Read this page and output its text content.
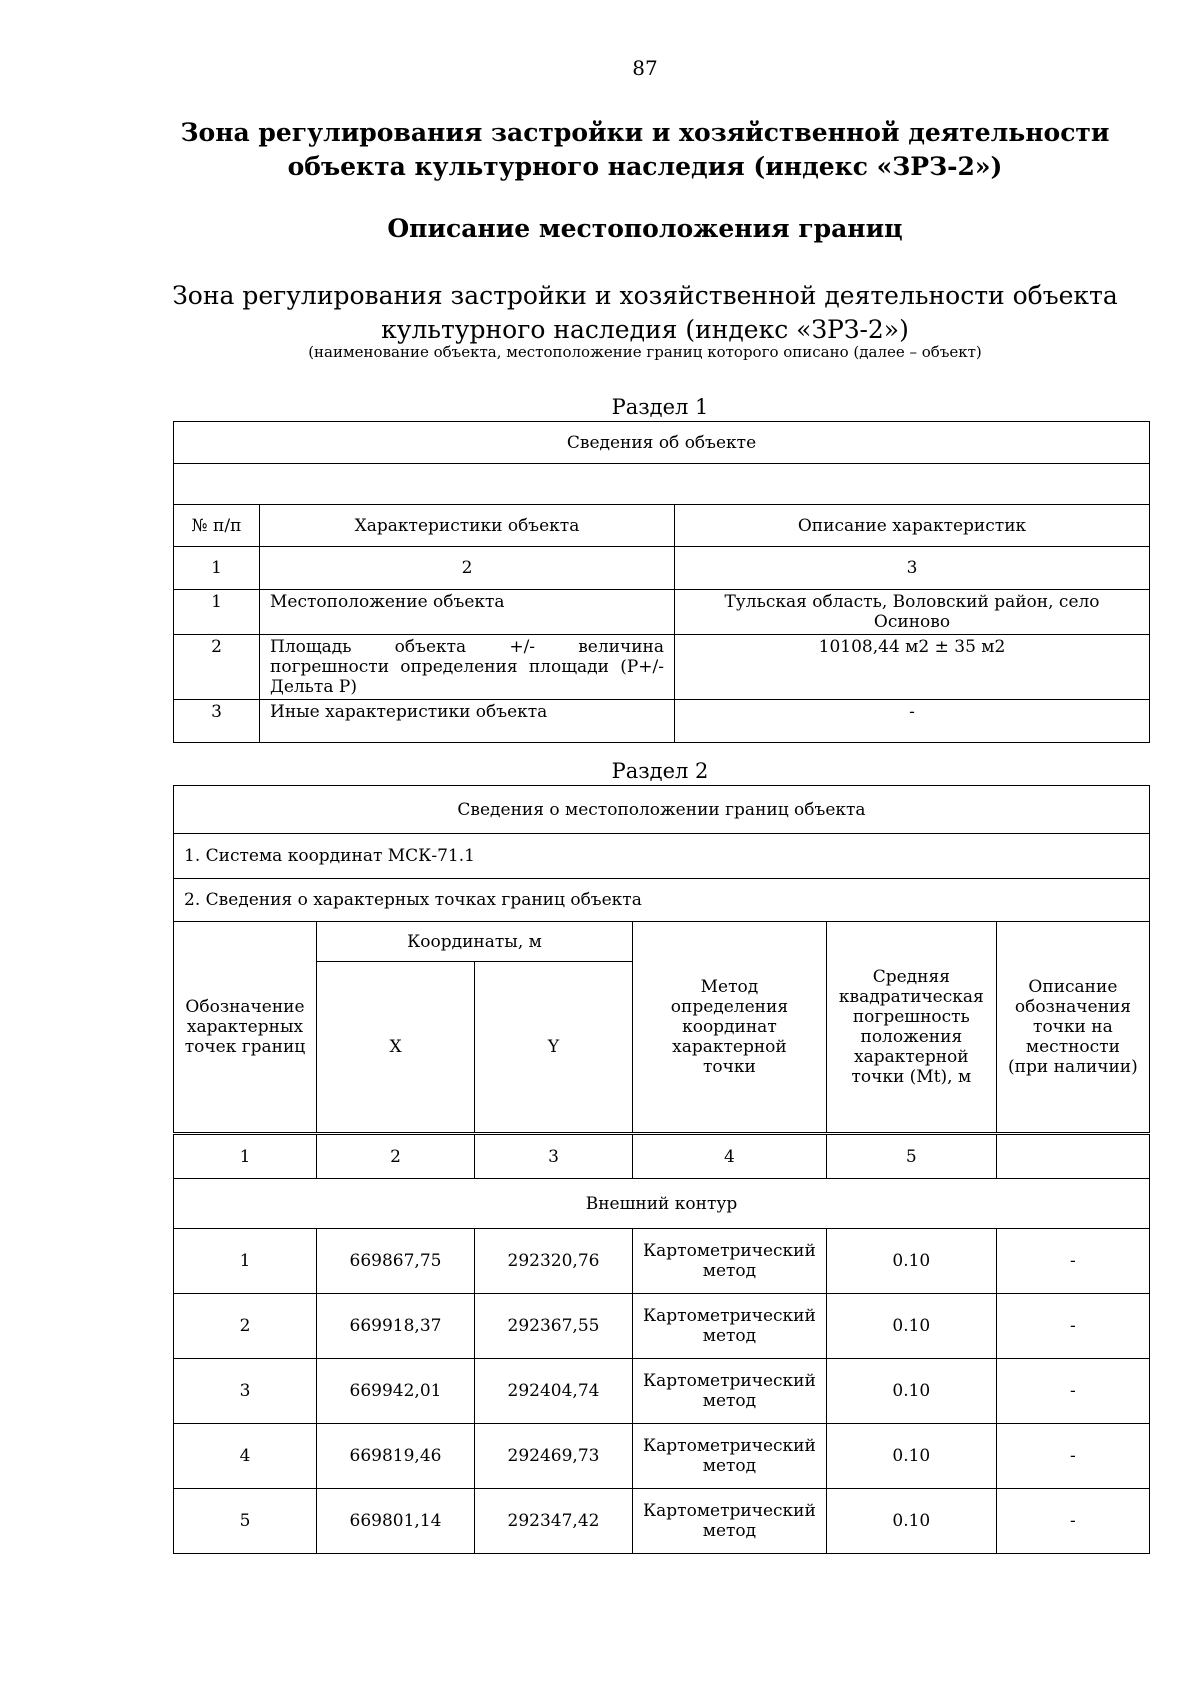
87
Зона регулирования застройки и хозяйственной деятельности объекта культурного наследия (индекс «ЗРЗ-2»)
Описание местоположения границ
Зона регулирования застройки и хозяйственной деятельности объекта культурного наследия (индекс «ЗРЗ-2»)
(наименование объекта, местоположение границ которого описано (далее – объект)
Раздел 1
Сведения об объекте		

№ п/п	Характеристики объекта	Описание характеристик
1	2	3
1	Местоположение объекта	Тульская область, Воловский район, село Осиново
2	Площадь объекта +/- величина погрешности определения площади (P+/- Дельта P)	10108,44 м2 ± 35 м2
3	Иные характеристики объекта	-
Раздел 2
Сведения о местоположении границ объекта					
1. Система координат МСК-71.1					
2. Сведения о характерных точках границ объекта					
Обозначение характерных точек границ	Координаты, м		Метод определения координат характерной точки	Средняя квадратическая погрешность положения характерной точки (Mt), м	Описание обозначения точки на местности (при наличии)
	X	Y			
1	2	3	4	5	
Внешний контур					
1	669867,75	292320,76	Картометрический метод	0.10	-
2	669918,37	292367,55	Картометрический метод	0.10	-
3	669942,01	292404,74	Картометрический метод	0.10	-
4	669819,46	292469,73	Картометрический метод	0.10	-
5	669801,14	292347,42	Картометрический метод	0.10	-
